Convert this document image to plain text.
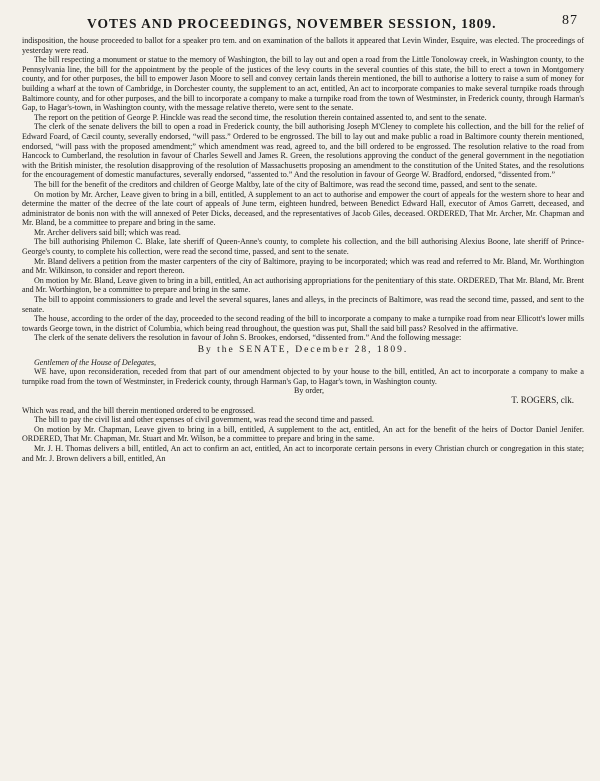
VOTES AND PROCEEDINGS, NOVEMBER SESSION, 1809.	87

indisposition, the house proceeded to ballot for a speaker pro tem. and on examination of the ballots it appeared that Levin Winder, Esquire, was elected. The proceedings of yesterday were read.

The bill respecting a monument or statue to the memory of Washington, the bill to lay out and open a road from the Little Tonoloway creek, in Washington county, to the Pennsylvania line, the bill for the appointment by the people of the justices of the levy courts in the several counties of this state, the bill to erect a town in Montgomery county, and for other purposes, the bill to empower Jason Moore to sell and convey certain lands therein mentioned, the bill to authorise a lottery to raise a sum of money for building a wharf at the town of Cambridge, in Dorchester county, the supplement to an act, entitled, An act to incorporate companies to make several turnpike roads through Baltimore county, and for other purposes, and the bill to incorporate a company to make a turnpike road from the town of Westminster, in Frederick county, through Harman's Gap, to Hagar's-town, in Washington county, with the message relative thereto, were sent to the senate.

The report on the petition of George P. Hinckle was read the second time, the resolution therein contained assented to, and sent to the senate.

The clerk of the senate delivers the bill to open a road in Frederick county, the bill authorising Joseph M'Cleney to complete his collection, and the bill for the relief of Edward Foard, of Cæcil county, severally endorsed, “will pass.” Ordered to be engrossed. The bill to lay out and make public a road in Baltimore county therein mentioned, endorsed, “will pass with the proposed amendment;” which amendment was read, agreed to, and the bill ordered to be engrossed. The resolution relative to the road from Hancock to Cumberland, the resolution in favour of Charles Sewell and James R. Green, the resolutions approving the conduct of the general government in the negotiation with the British minister, the resolution disapproving of the resolution of Massachusetts proposing an amendment to the constitution of the United States, and the resolutions for the encouragement of domestic manufactures, severally endorsed, “assented to.” And the resolution in favour of George W. Bradford, endorsed, “dissented from.”

The bill for the benefit of the creditors and children of George Maltby, late of the city of Baltimore, was read the second time, passed, and sent to the senate.

On motion by Mr. Archer, Leave given to bring in a bill, entitled, A supplement to an act to authorise and empower the court of appeals for the western shore to hear and determine the matter of the decree of the late court of appeals of June term, eighteen hundred, between Benedict Edward Hall, executor of Amos Garrett, deceased, and administrator de bonis non with the will annexed of Peter Dicks, deceased, and the representatives of Jacob Giles, deceased. ORDERED, That Mr. Archer, Mr. Chapman and Mr. Bland, be a committee to prepare and bring in the same.

Mr. Archer delivers said bill; which was read.

The bill authorising Philemon C. Blake, late sheriff of Queen-Anne's county, to complete his collection, and the bill authorising Alexius Boone, late sheriff of Prince-George's county, to complete his collection, were read the second time, passed, and sent to the senate.

Mr. Bland delivers a petition from the master carpenters of the city of Baltimore, praying to be incorporated; which was read and referred to Mr. Bland, Mr. Worthington and Mr. Wilkinson, to consider and report thereon.

On motion by Mr. Bland, Leave given to bring in a bill, entitled, An act authorising appropriations for the penitentiary of this state. ORDERED, That Mr. Bland, Mr. Brent and Mr. Worthington, be a committee to prepare and bring in the same.

The bill to appoint commissioners to grade and level the several squares, lanes and alleys, in the precincts of Baltimore, was read the second time, passed, and sent to the senate.

The house, according to the order of the day, proceeded to the second reading of the bill to incorporate a company to make a turnpike road from near Ellicott's lower mills towards George town, in the district of Columbia, which being read throughout, the question was put, Shall the said bill pass? Resolved in the affirmative.

The clerk of the senate delivers the resolution in favour of John S. Brookes, endorsed, “dissented from.” And the following message:

By the SENATE, December 28, 1809.

Gentlemen of the House of Delegates,

WE have, upon reconsideration, receded from that part of our amendment objected to by your house to the bill, entitled, An act to incorporate a company to make a turnpike road from the town of Westminster, in Frederick county, through Harman's Gap, to Hagar's town, in Washington county.

By order,

T. ROGERS, clk.

Which was read, and the bill therein mentioned ordered to be engrossed.

The bill to pay the civil list and other expenses of civil government, was read the second time and passed.

On motion by Mr. Chapman, Leave given to bring in a bill, entitled, A supplement to the act, entitled, An act for the benefit of the heirs of Doctor Daniel Jenifer. ORDERED, That Mr. Chapman, Mr. Stuart and Mr. Wilson, be a committee to prepare and bring in the same.

Mr. J. H. Thomas delivers a bill, entitled, An act to confirm an act, entitled, An act to incorporate certain persons in every Christian church or congregation in this state; and Mr. J. Brown delivers a bill, entitled, An
